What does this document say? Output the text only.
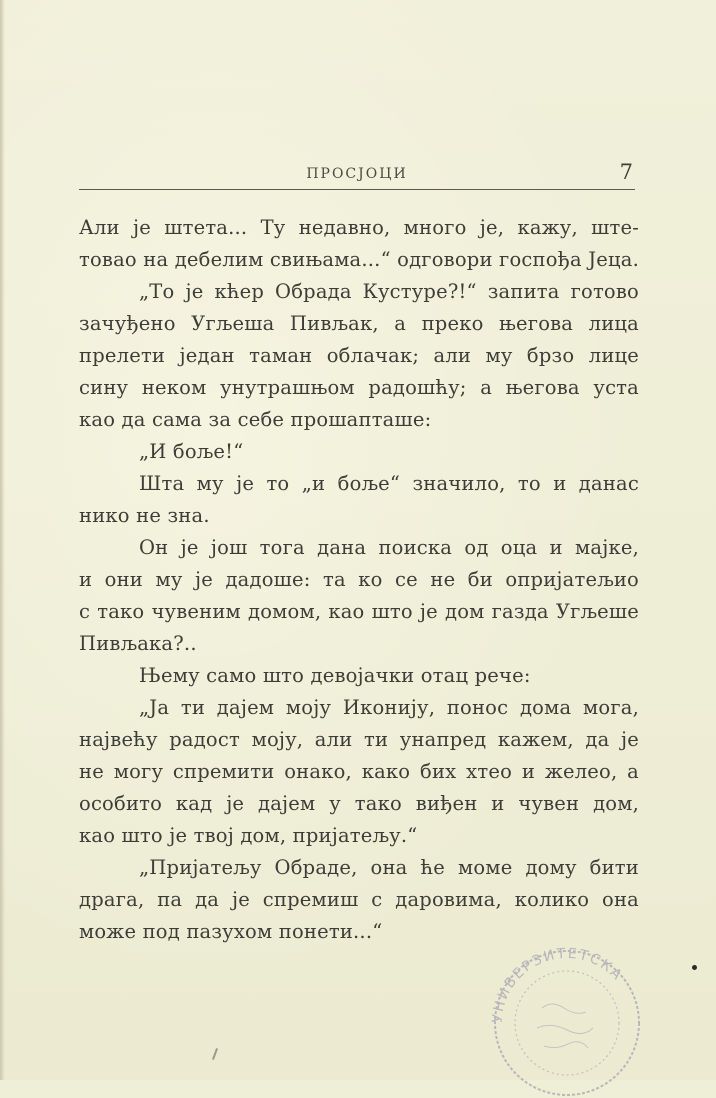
ПРОСЈОЦИ	7
Али је штета... Ту недавно, много је, кажу, ште-
товао на дебелим свињама...“ одговори госпођа Јеца.
„То је кћер Обрада Кустуре?!“ запита готово
зачуђено Угљеша Пивљак, а преко његова лица
прелети један таман облачак; али му брзо лице
сину неком унутрашњом радошћу; а његова уста
као да сама за себе прошапташе:
„И боље!“
Шта му је то „и боље“ значило, то и данас
нико не зна.
Он је још тога дана поиска од оца и мајке,
и они му је дадоше: та ко се не би опријатељио
с тако чувеним домом, као што је дом газда Угљеше
Пивљака?..
Њему само што девојачки отац рече:
„Ја ти дајем моју Иконију, понос дома мога,
највећу радост моју, али ти унапред кажем, да је
не могу спремити онако, како бих хтео и желео, а
особито кад је дајем у тако виђен и чувен дом,
као што је твој дом, пријатељу.“
„Пријатељу Обраде, она ће моме дому бити
драга, па да је спремиш с даровима, колико она
може под пазухом понети...“
УНИВЕРЗИТЕТСКА
